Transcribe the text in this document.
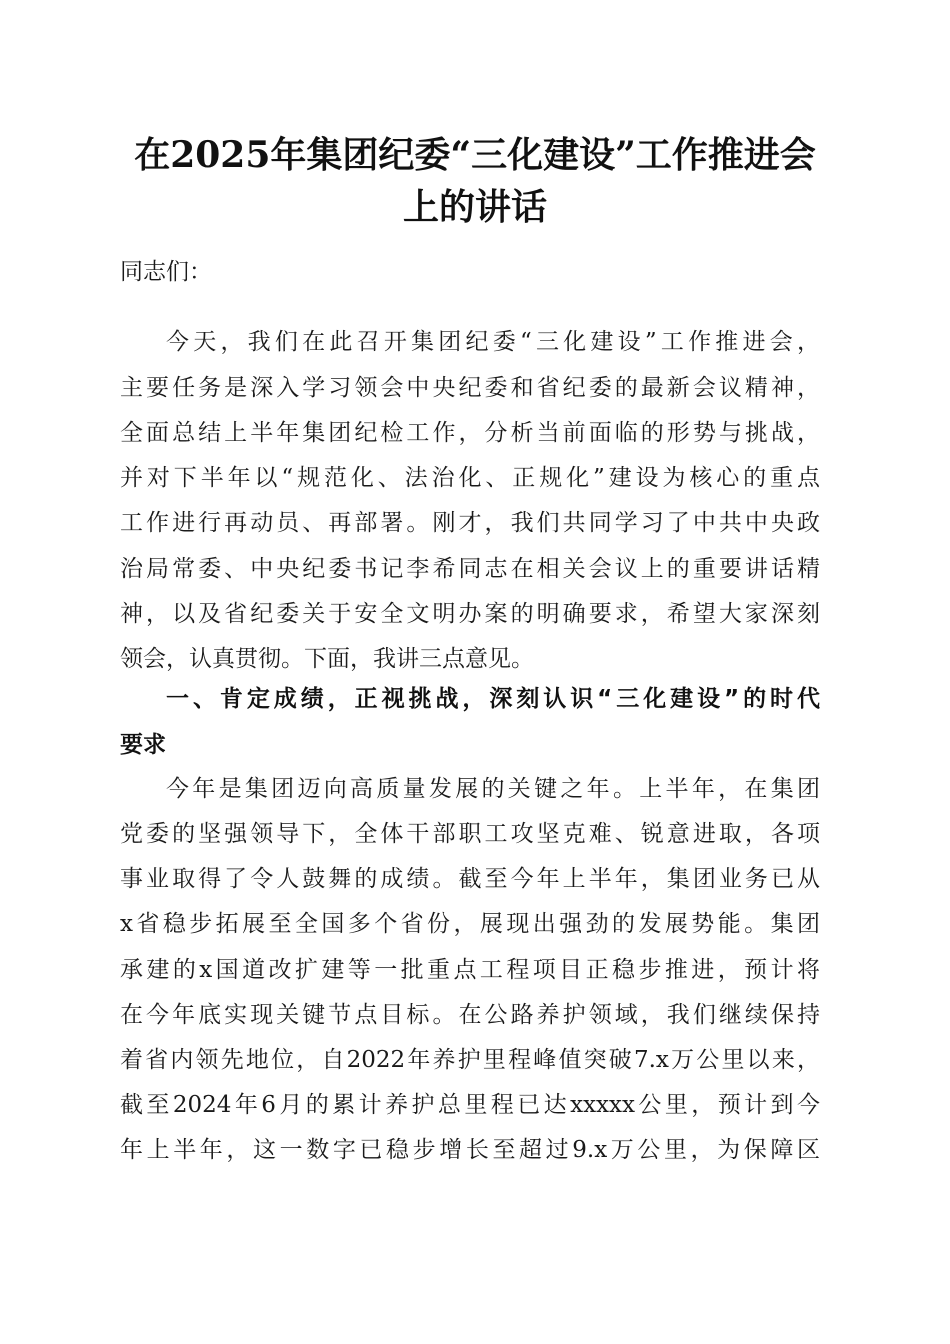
在2025年集团纪委“三化建设”工作推进会
上的讲话
同志们：
今天，我们在此召开集团纪委“三化建设”工作推进会，
主要任务是深入学习领会中央纪委和省纪委的最新会议精神，
全面总结上半年集团纪检工作，分析当前面临的形势与挑战，
并对下半年以“规范化、法治化、正规化”建设为核心的重点
工作进行再动员、再部署。刚才，我们共同学习了中共中央政
治局常委、中央纪委书记李希同志在相关会议上的重要讲话精
神，以及省纪委关于安全文明办案的明确要求，希望大家深刻
领会，认真贯彻。下面，我讲三点意见。
一、肯定成绩，正视挑战，深刻认识“三化建设”的时代
要求
今年是集团迈向高质量发展的关键之年。上半年，在集团
党委的坚强领导下，全体干部职工攻坚克难、锐意进取，各项
事业取得了令人鼓舞的成绩。截至今年上半年，集团业务已从
x省稳步拓展至全国多个省份，展现出强劲的发展势能。集团
承建的x国道改扩建等一批重点工程项目正稳步推进，预计将
在今年底实现关键节点目标。在公路养护领域，我们继续保持
着省内领先地位，自2022年养护里程峰值突破7.x万公里以来，
截至2024年6月的累计养护总里程已达xxxxx公里，预计到今
年上半年，这一数字已稳步增长至超过9.x万公里，为保障区
